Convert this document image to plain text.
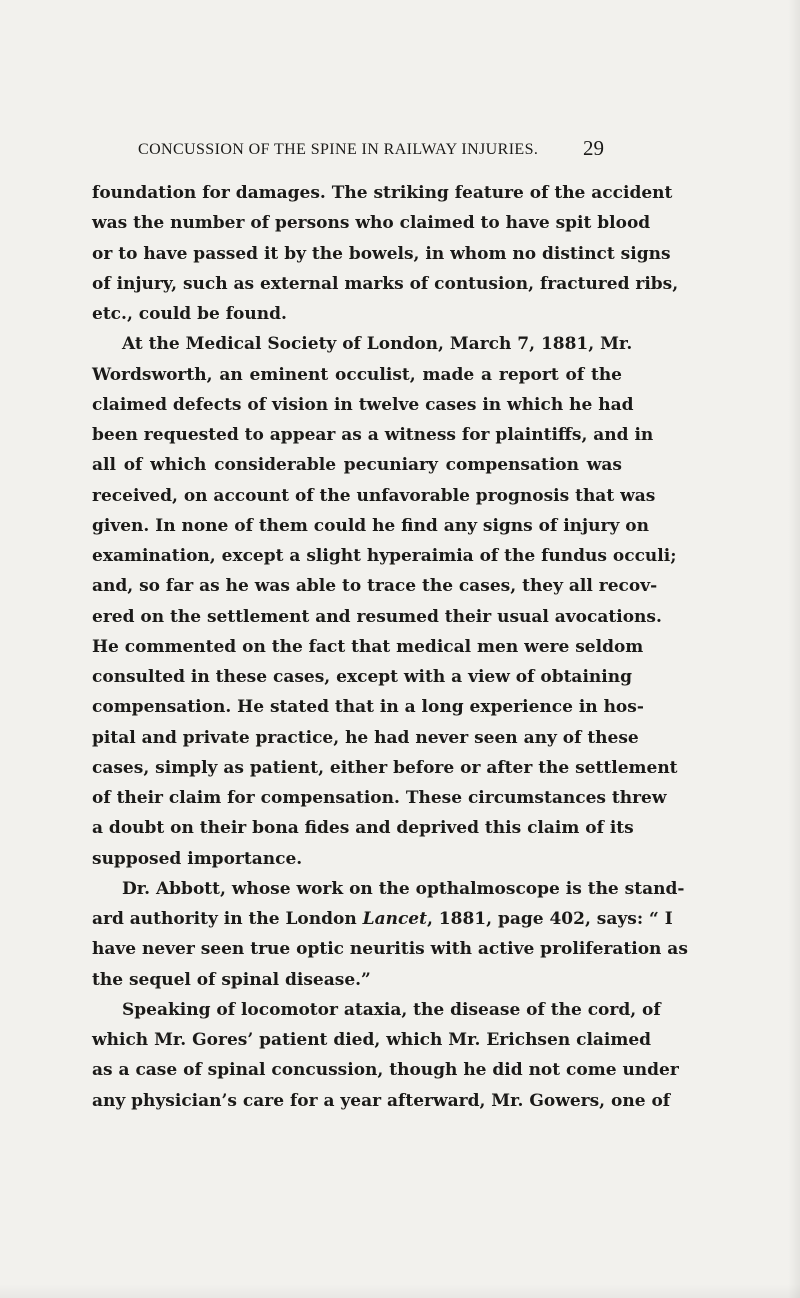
CONCUSSION OF THE SPINE IN RAILWAY INJURIES.	29
foundation for damages. The striking feature of the accident
was the number of persons who claimed to have spit blood
or to have passed it by the bowels, in whom no distinct signs
of injury, such as external marks of contusion, fractured ribs,
etc., could be found.
At the Medical Society of London, March 7, 1881, Mr.
Wordsworth, an eminent occulist, made a report of the
claimed defects of vision in twelve cases in which he had
been requested to appear as a witness for plaintiffs, and in
all of which considerable pecuniary compensation was
received, on account of the unfavorable prognosis that was
given. In none of them could he find any signs of injury on
examination, except a slight hyperaimia of the fundus occuli;
and, so far as he was able to trace the cases, they all recov-
ered on the settlement and resumed their usual avocations.
He commented on the fact that medical men were seldom
consulted in these cases, except with a view of obtaining
compensation. He stated that in a long experience in hos-
pital and private practice, he had never seen any of these
cases, simply as patient, either before or after the settlement
of their claim for compensation. These circumstances threw
a doubt on their bona fides and deprived this claim of its
supposed importance.
Dr. Abbott, whose work on the opthalmoscope is the stand-
ard authority in the London Lancet, 1881, page 402, says: “ I
have never seen true optic neuritis with active proliferation as
the sequel of spinal disease.”
Speaking of locomotor ataxia, the disease of the cord, of
which Mr. Gores’ patient died, which Mr. Erichsen claimed
as a case of spinal concussion, though he did not come under
any physician’s care for a year afterward, Mr. Gowers, one of
